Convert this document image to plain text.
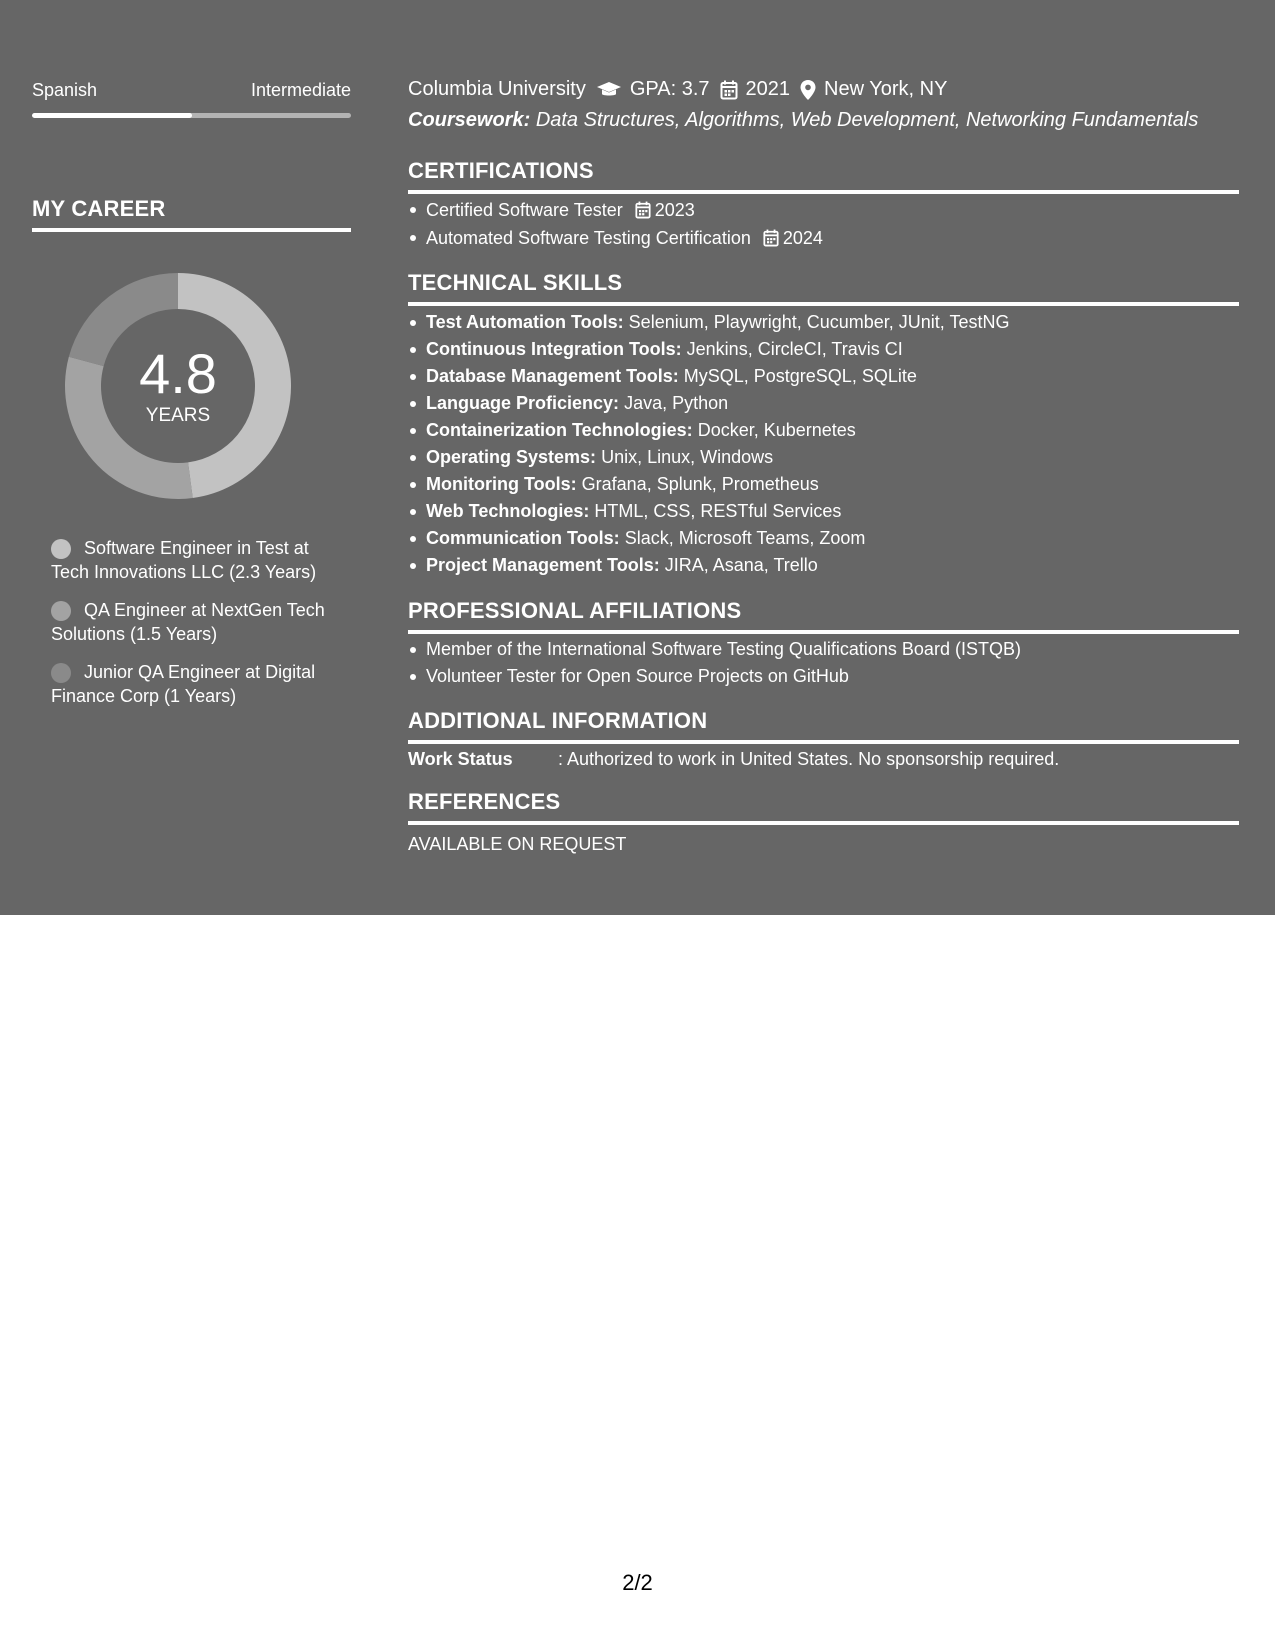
Spanish	Intermediate
MY CAREER
4.8
YEARS
Software Engineer in Test at Tech Innovations LLC (2.3 Years)
QA Engineer at NextGen Tech Solutions (1.5 Years)
Junior QA Engineer at Digital Finance Corp (1 Years)
Columbia University GPA: 3.7 2021 New York, NY
Coursework: Data Structures, Algorithms, Web Development, Networking Fundamentals
CERTIFICATIONS
Certified Software Tester 2023
Automated Software Testing Certification 2024
TECHNICAL SKILLS
Test Automation Tools: Selenium, Playwright, Cucumber, JUnit, TestNG
Continuous Integration Tools: Jenkins, CircleCI, Travis CI
Database Management Tools: MySQL, PostgreSQL, SQLite
Language Proficiency: Java, Python
Containerization Technologies: Docker, Kubernetes
Operating Systems: Unix, Linux, Windows
Monitoring Tools: Grafana, Splunk, Prometheus
Web Technologies: HTML, CSS, RESTful Services
Communication Tools: Slack, Microsoft Teams, Zoom
Project Management Tools: JIRA, Asana, Trello
PROFESSIONAL AFFILIATIONS
Member of the International Software Testing Qualifications Board (ISTQB)
Volunteer Tester for Open Source Projects on GitHub
ADDITIONAL INFORMATION
Work Status	: Authorized to work in United States. No sponsorship required.
REFERENCES
AVAILABLE ON REQUEST
2/2
